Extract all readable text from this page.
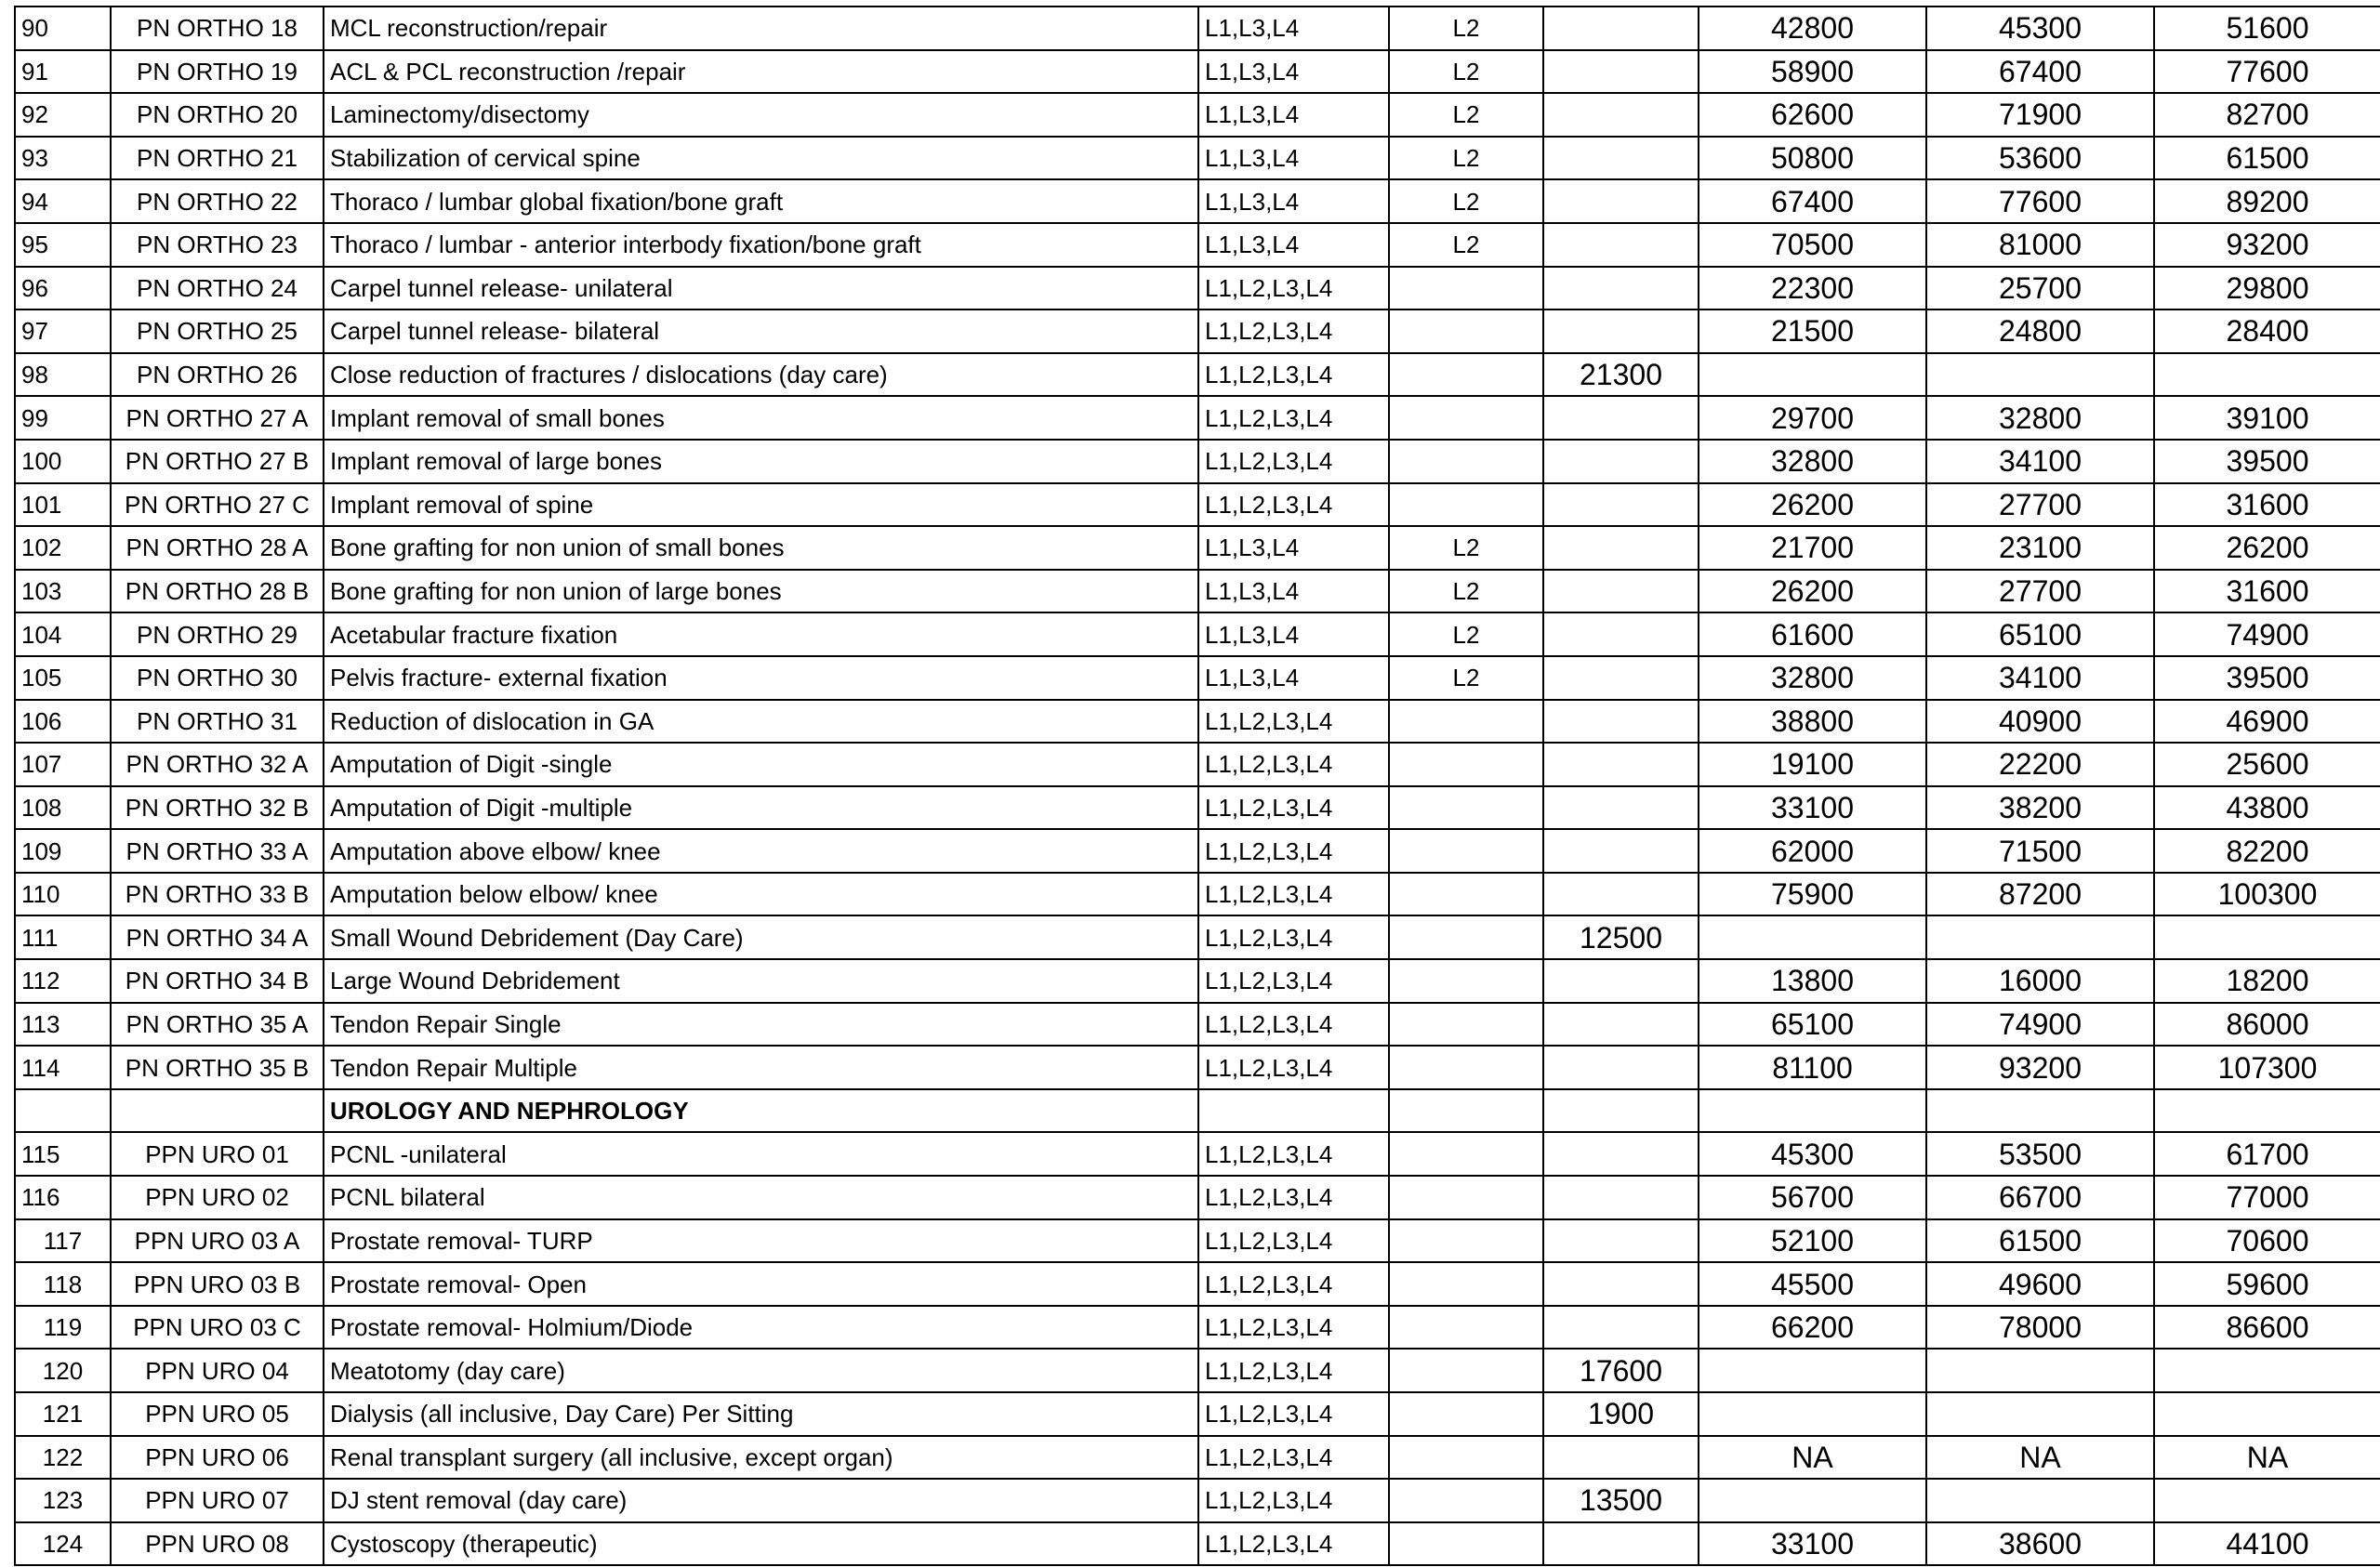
90	PN ORTHO 18	MCL reconstruction/repair	L1,L3,L4	L2		42800	45300	51600
91	PN ORTHO 19	ACL & PCL reconstruction /repair	L1,L3,L4	L2		58900	67400	77600
92	PN ORTHO 20	Laminectomy/disectomy	L1,L3,L4	L2		62600	71900	82700
93	PN ORTHO 21	Stabilization of cervical spine	L1,L3,L4	L2		50800	53600	61500
94	PN ORTHO 22	Thoraco / lumbar global fixation/bone graft	L1,L3,L4	L2		67400	77600	89200
95	PN ORTHO 23	Thoraco / lumbar - anterior interbody fixation/bone graft	L1,L3,L4	L2		70500	81000	93200
96	PN ORTHO 24	Carpel tunnel release- unilateral	L1,L2,L3,L4			22300	25700	29800
97	PN ORTHO 25	Carpel tunnel release- bilateral	L1,L2,L3,L4			21500	24800	28400
98	PN ORTHO 26	Close reduction of fractures / dislocations (day care)	L1,L2,L3,L4		21300			
99	PN ORTHO 27 A	Implant removal of small bones	L1,L2,L3,L4			29700	32800	39100
100	PN ORTHO 27 B	Implant removal of large bones	L1,L2,L3,L4			32800	34100	39500
101	PN ORTHO 27 C	Implant removal of spine	L1,L2,L3,L4			26200	27700	31600
102	PN ORTHO 28 A	Bone grafting for non union of small bones	L1,L3,L4	L2		21700	23100	26200
103	PN ORTHO 28 B	Bone grafting for non union of large bones	L1,L3,L4	L2		26200	27700	31600
104	PN ORTHO 29	Acetabular fracture fixation	L1,L3,L4	L2		61600	65100	74900
105	PN ORTHO 30	Pelvis fracture- external fixation	L1,L3,L4	L2		32800	34100	39500
106	PN ORTHO 31	Reduction of dislocation in GA	L1,L2,L3,L4			38800	40900	46900
107	PN ORTHO 32 A	Amputation of Digit -single	L1,L2,L3,L4			19100	22200	25600
108	PN ORTHO 32 B	Amputation of Digit -multiple	L1,L2,L3,L4			33100	38200	43800
109	PN ORTHO 33 A	Amputation above elbow/ knee	L1,L2,L3,L4			62000	71500	82200
110	PN ORTHO 33 B	Amputation below elbow/ knee	L1,L2,L3,L4			75900	87200	100300
111	PN ORTHO 34 A	Small Wound Debridement (Day Care)	L1,L2,L3,L4		12500			
112	PN ORTHO 34 B	Large Wound Debridement	L1,L2,L3,L4			13800	16000	18200
113	PN ORTHO 35 A	Tendon Repair Single	L1,L2,L3,L4			65100	74900	86000
114	PN ORTHO 35 B	Tendon Repair Multiple	L1,L2,L3,L4			81100	93200	107300
		UROLOGY AND NEPHROLOGY						
115	PPN URO 01	PCNL -unilateral	L1,L2,L3,L4			45300	53500	61700
116	PPN URO 02	PCNL bilateral	L1,L2,L3,L4			56700	66700	77000
117	PPN URO 03 A	Prostate removal- TURP	L1,L2,L3,L4			52100	61500	70600
118	PPN URO 03 B	Prostate removal- Open	L1,L2,L3,L4			45500	49600	59600
119	PPN URO 03 C	Prostate removal- Holmium/Diode	L1,L2,L3,L4			66200	78000	86600
120	PPN URO 04	Meatotomy (day care)	L1,L2,L3,L4		17600			
121	PPN URO 05	Dialysis (all inclusive, Day Care) Per Sitting	L1,L2,L3,L4		1900			
122	PPN URO 06	Renal transplant surgery (all inclusive, except organ)	L1,L2,L3,L4			NA	NA	NA
123	PPN URO 07	DJ stent removal (day care)	L1,L2,L3,L4		13500			
124	PPN URO 08	Cystoscopy (therapeutic)	L1,L2,L3,L4			33100	38600	44100
